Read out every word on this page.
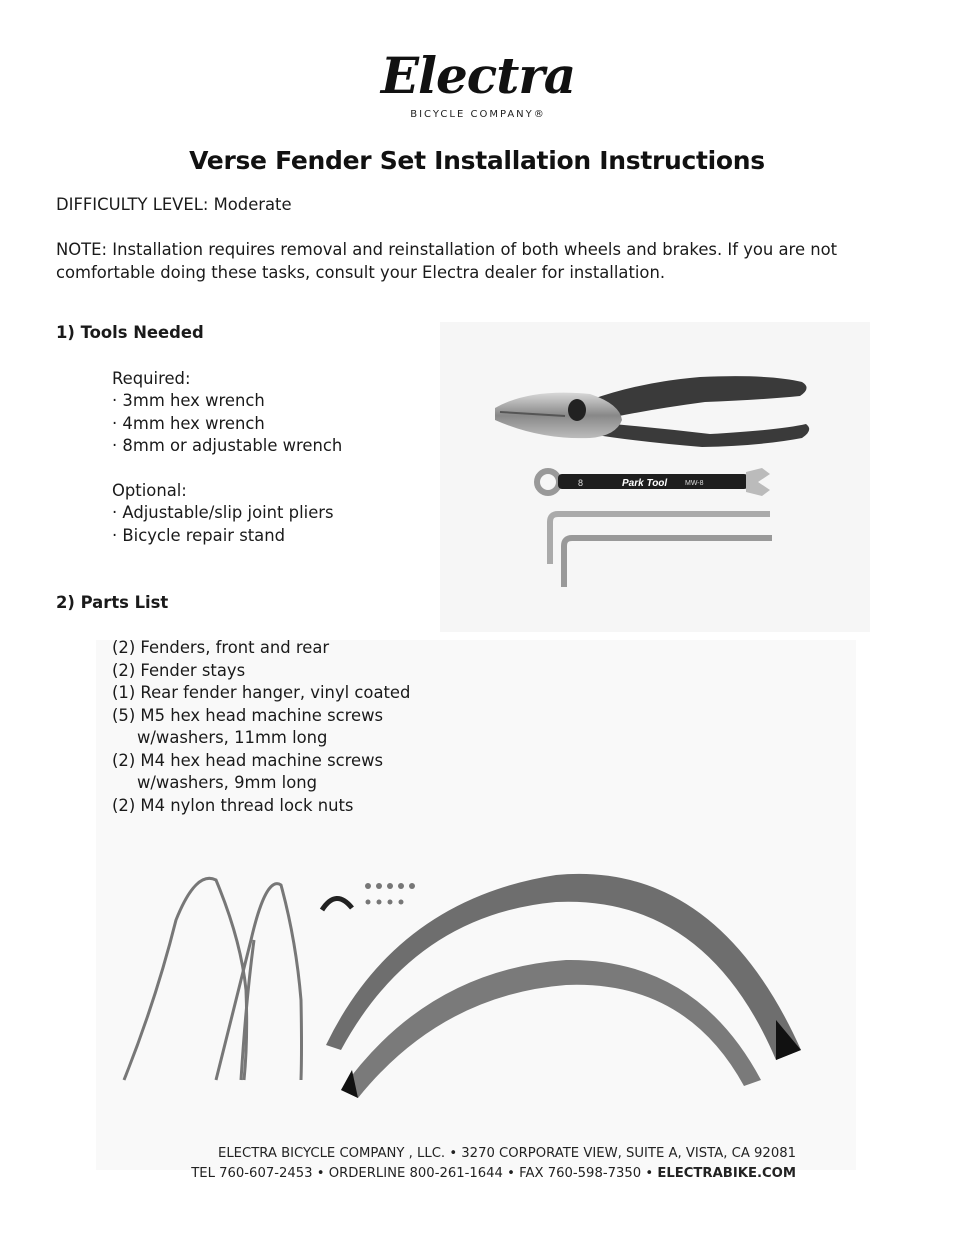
Electra
BICYCLE COMPANY®
Verse Fender Set Installation Instructions
DIFFICULTY LEVEL: Moderate
NOTE: Installation requires removal and reinstallation of both wheels and brakes. If you are not comfortable doing these tasks, consult your Electra dealer for installation.
1) Tools Needed
Required:
· 3mm hex wrench
· 4mm hex wrench
· 8mm or adjustable wrench
Optional:
· Adjustable/slip joint pliers
· Bicycle repair stand
8	Park Tool	MW-8
2) Parts List
(2) Fenders, front and rear
(2) Fender stays
(1) Rear fender hanger, vinyl coated
(5) M5 hex head machine screws
w/washers, 11mm long
(2) M4 hex head machine screws
w/washers, 9mm long
(2) M4 nylon thread lock nuts
ELECTRA BICYCLE COMPANY , LLC. • 3270 CORPORATE VIEW, SUITE A, VISTA, CA 92081
TEL 760-607-2453 • ORDERLINE 800-261-1644 • FAX 760-598-7350 • ELECTRABIKE.COM
